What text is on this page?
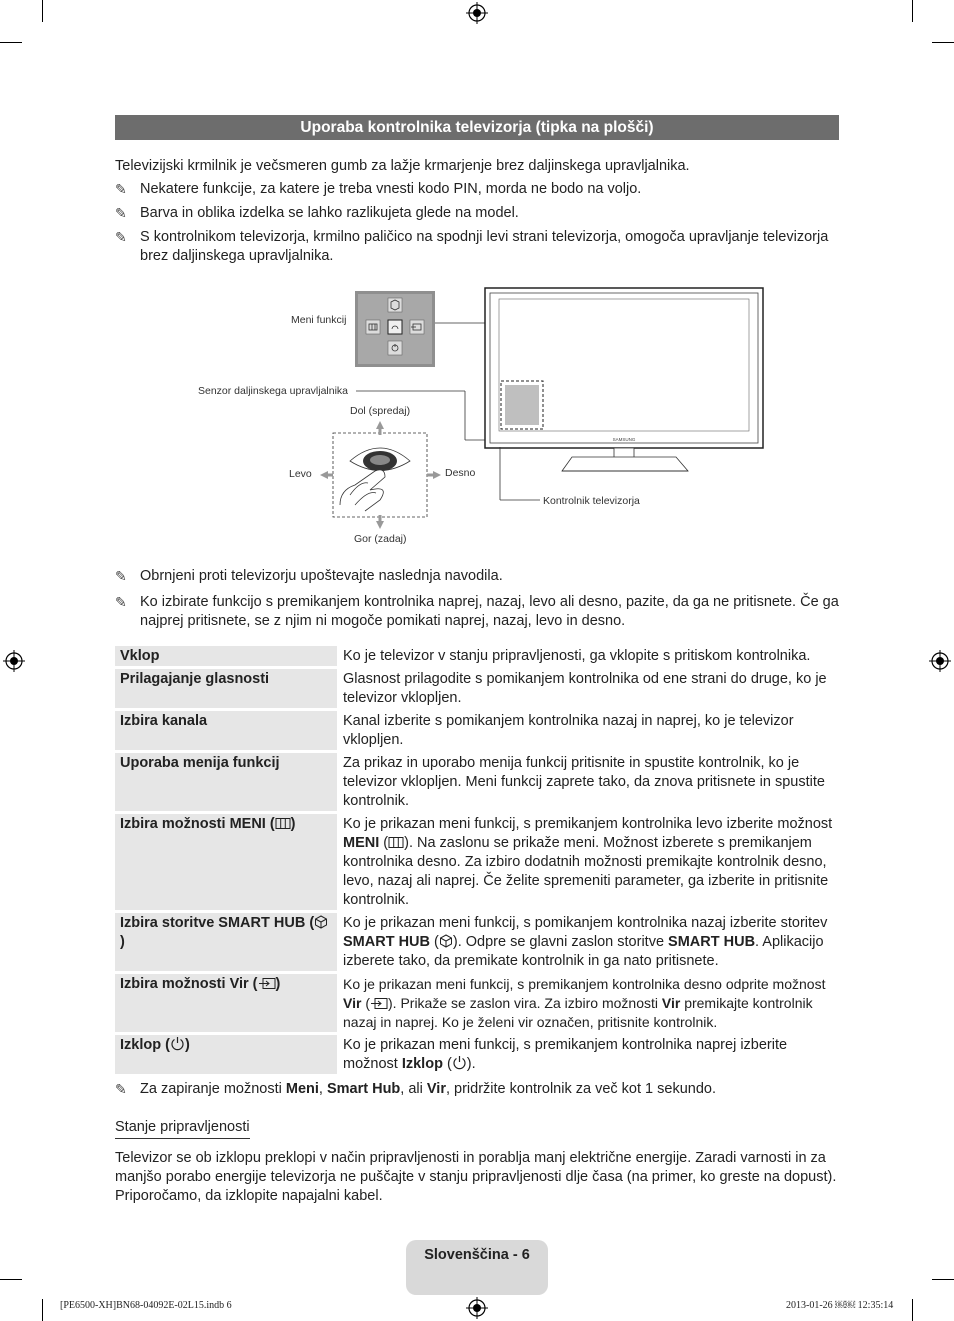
Uporaba kontrolnika televizorja (tipka na plošči)
Televizijski krmilnik je večsmeren gumb za lažje krmarjenje brez daljinskega upravljalnika.
✎ Nekatere funkcije, za katere je treba vnesti kodo PIN, morda ne bodo na voljo.
✎ Barva in oblika izdelka se lahko razlikujeta glede na model.
✎ S kontrolnikom televizorja, krmilno paličico na spodnji levi strani televizorja, omogoča upravljanje televizorja brez daljinskega upravljalnika.
SAMSUNG
Meni funkcij
Senzor daljinskega upravljalnika
Dol (spredaj)
Levo	Desno
Gor (zadaj)
Kontrolnik televizorja
✎ Obrnjeni proti televizorju upoštevajte naslednja navodila.
✎ Ko izbirate funkcijo s premikanjem kontrolnika naprej, nazaj, levo ali desno, pazite, da ga ne pritisnete. Če ga najprej pritisnete, se z njim ni mogoče pomikati naprej, nazaj, levo in desno.
Vklop	Ko je televizor v stanju pripravljenosti, ga vklopite s pritiskom kontrolnika.
Prilagajanje glasnosti	Glasnost prilagodite s pomikanjem kontrolnika od ene strani do druge, ko je televizor vklopljen.
Izbira kanala	Kanal izberite s pomikanjem kontrolnika nazaj in naprej, ko je televizor vklopljen.
Uporaba menija funkcij	Za prikaz in uporabo menija funkcij pritisnite in spustite kontrolnik, ko je televizor vklopljen. Meni funkcij zaprete tako, da znova pritisnete in spustite kontrolnik.
Izbira možnosti MENI ( )	Ko je prikazan meni funkcij, s premikanjem kontrolnika levo izberite možnost MENI ( ). Na zaslonu se prikaže meni. Možnost izberete s premikanjem kontrolnika desno. Za izbiro dodatnih možnosti premikajte kontrolnik desno, levo, nazaj ali naprej. Če želite spremeniti parameter, ga izberite in pritisnite kontrolnik.
Izbira storitve SMART HUB ()	Ko je prikazan meni funkcij, s pomikanjem kontrolnika nazaj izberite storitev SMART HUB ( ). Odpre se glavni zaslon storitve SMART HUB. Aplikacijo izberete tako, da premikate kontrolnik in ga nato pritisnete.
Izbira možnosti Vir ( )	Ko je prikazan meni funkcij, s premikanjem kontrolnika desno odprite možnost Vir ( ). Prikaže se zaslon vira. Za izbiro možnosti Vir premikajte kontrolnik nazaj in naprej. Ko je želeni vir označen, pritisnite kontrolnik.
Izklop ( )	Ko je prikazan meni funkcij, s premikanjem kontrolnika naprej izberite možnost Izklop ( ).
✎ Za zapiranje možnosti Meni, Smart Hub, ali Vir, pridržite kontrolnik za več kot 1 sekundo.
Stanje pripravljenosti
Televizor se ob izklopu preklopi v način pripravljenosti in porablja manj električne energije. Zaradi varnosti in za manjšo porabo energije televizorja ne puščajte v stanju pripravljenosti dlje časa (na primer, ko greste na dopust). Priporočamo, da izklopite napajalni kabel.
Slovenščina - 6
[PE6500-XH]BN68-04092E-02L15.indb 6	2013-01-26 ￼￼ 12:35:14
